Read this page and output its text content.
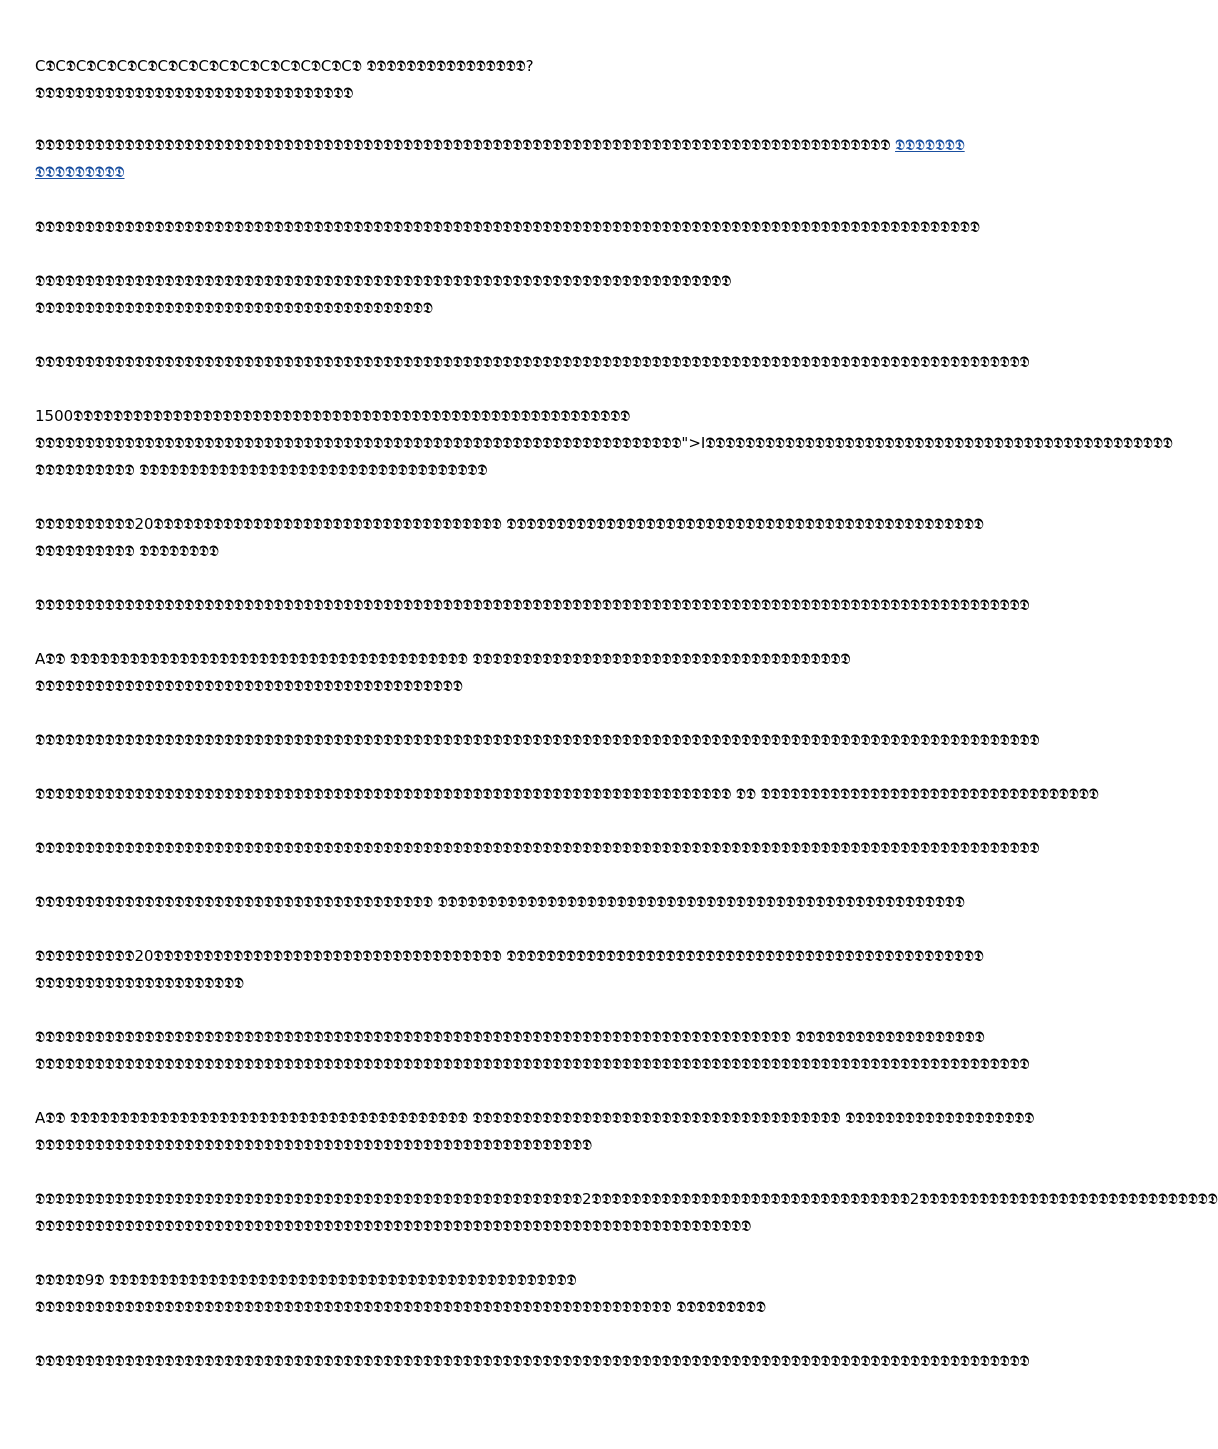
C𝕯C𝕯C𝕯C𝕯C𝕯C𝕯C𝕯C𝕯C𝕯C𝕯C𝕯C𝕯C𝕯C𝕯C𝕯C𝕯 𝕯𝕯𝕯𝕯𝕯𝕯𝕯𝕯𝕯𝕯𝕯𝕯𝕯𝕯𝕯𝕯?
𝕯𝕯𝕯𝕯𝕯𝕯𝕯𝕯𝕯𝕯𝕯𝕯𝕯𝕯𝕯𝕯𝕯𝕯𝕯𝕯𝕯𝕯𝕯𝕯𝕯𝕯𝕯𝕯𝕯𝕯𝕯𝕯
𝕯𝕯𝕯𝕯𝕯𝕯𝕯𝕯𝕯𝕯𝕯𝕯𝕯𝕯𝕯𝕯𝕯𝕯𝕯𝕯𝕯𝕯𝕯𝕯𝕯𝕯𝕯𝕯𝕯𝕯𝕯𝕯𝕯𝕯𝕯𝕯𝕯𝕯𝕯𝕯𝕯𝕯𝕯𝕯𝕯𝕯𝕯𝕯𝕯𝕯𝕯𝕯𝕯𝕯𝕯𝕯𝕯𝕯𝕯𝕯𝕯𝕯𝕯𝕯𝕯𝕯𝕯𝕯𝕯𝕯𝕯𝕯𝕯𝕯𝕯𝕯𝕯𝕯𝕯𝕯𝕯𝕯𝕯𝕯𝕯𝕯 𝕯𝕯𝕯𝕯𝕯𝕯𝕯
𝕯𝕯𝕯𝕯𝕯𝕯𝕯𝕯𝕯
𝕯𝕯𝕯𝕯𝕯𝕯𝕯𝕯𝕯𝕯𝕯𝕯𝕯𝕯𝕯𝕯𝕯𝕯𝕯𝕯𝕯𝕯𝕯𝕯𝕯𝕯𝕯𝕯𝕯𝕯𝕯𝕯𝕯𝕯𝕯𝕯𝕯𝕯𝕯𝕯𝕯𝕯𝕯𝕯𝕯𝕯𝕯𝕯𝕯𝕯𝕯𝕯𝕯𝕯𝕯𝕯𝕯𝕯𝕯𝕯𝕯𝕯𝕯𝕯𝕯𝕯𝕯𝕯𝕯𝕯𝕯𝕯𝕯𝕯𝕯𝕯𝕯𝕯𝕯𝕯𝕯𝕯𝕯𝕯𝕯𝕯𝕯𝕯𝕯𝕯𝕯𝕯𝕯𝕯𝕯
𝕯𝕯𝕯𝕯𝕯𝕯𝕯𝕯𝕯𝕯𝕯𝕯𝕯𝕯𝕯𝕯𝕯𝕯𝕯𝕯𝕯𝕯𝕯𝕯𝕯𝕯𝕯𝕯𝕯𝕯𝕯𝕯𝕯𝕯𝕯𝕯𝕯𝕯𝕯𝕯𝕯𝕯𝕯𝕯𝕯𝕯𝕯𝕯𝕯𝕯𝕯𝕯𝕯𝕯𝕯𝕯𝕯𝕯𝕯𝕯𝕯𝕯𝕯𝕯𝕯𝕯𝕯𝕯𝕯𝕯
𝕯𝕯𝕯𝕯𝕯𝕯𝕯𝕯𝕯𝕯𝕯𝕯𝕯𝕯𝕯𝕯𝕯𝕯𝕯𝕯𝕯𝕯𝕯𝕯𝕯𝕯𝕯𝕯𝕯𝕯𝕯𝕯𝕯𝕯𝕯𝕯𝕯𝕯𝕯𝕯
𝕯𝕯𝕯𝕯𝕯𝕯𝕯𝕯𝕯𝕯𝕯𝕯𝕯𝕯𝕯𝕯𝕯𝕯𝕯𝕯𝕯𝕯𝕯𝕯𝕯𝕯𝕯𝕯𝕯𝕯𝕯𝕯𝕯𝕯𝕯𝕯𝕯𝕯𝕯𝕯𝕯𝕯𝕯𝕯𝕯𝕯𝕯𝕯𝕯𝕯𝕯𝕯𝕯𝕯𝕯𝕯𝕯𝕯𝕯𝕯𝕯𝕯𝕯𝕯𝕯𝕯𝕯𝕯𝕯𝕯𝕯𝕯𝕯𝕯𝕯𝕯𝕯𝕯𝕯𝕯𝕯𝕯𝕯𝕯𝕯𝕯𝕯𝕯𝕯𝕯𝕯𝕯𝕯𝕯𝕯𝕯𝕯𝕯𝕯𝕯
1500𝕯𝕯𝕯𝕯𝕯𝕯𝕯𝕯𝕯𝕯𝕯𝕯𝕯𝕯𝕯𝕯𝕯𝕯𝕯𝕯𝕯𝕯𝕯𝕯𝕯𝕯𝕯𝕯𝕯𝕯𝕯𝕯𝕯𝕯𝕯𝕯𝕯𝕯𝕯𝕯𝕯𝕯𝕯𝕯𝕯𝕯𝕯𝕯𝕯𝕯𝕯𝕯𝕯𝕯𝕯𝕯
𝕯𝕯𝕯𝕯𝕯𝕯𝕯𝕯𝕯𝕯𝕯𝕯𝕯𝕯𝕯𝕯𝕯𝕯𝕯𝕯𝕯𝕯𝕯𝕯𝕯𝕯𝕯𝕯𝕯𝕯𝕯𝕯𝕯𝕯𝕯𝕯𝕯𝕯𝕯𝕯𝕯𝕯𝕯𝕯𝕯𝕯𝕯𝕯𝕯𝕯𝕯𝕯𝕯𝕯𝕯𝕯𝕯𝕯𝕯𝕯𝕯𝕯𝕯𝕯𝕯">I𝕯𝕯𝕯𝕯𝕯𝕯𝕯𝕯𝕯𝕯𝕯𝕯𝕯𝕯𝕯𝕯𝕯𝕯𝕯𝕯𝕯𝕯𝕯𝕯𝕯𝕯𝕯𝕯𝕯𝕯𝕯𝕯𝕯𝕯𝕯𝕯𝕯𝕯𝕯𝕯𝕯𝕯𝕯𝕯𝕯𝕯𝕯
𝕯𝕯𝕯𝕯𝕯𝕯𝕯𝕯𝕯𝕯 𝕯𝕯𝕯𝕯𝕯𝕯𝕯𝕯𝕯𝕯𝕯𝕯𝕯𝕯𝕯𝕯𝕯𝕯𝕯𝕯𝕯𝕯𝕯𝕯𝕯𝕯𝕯𝕯𝕯𝕯𝕯𝕯𝕯𝕯𝕯
𝕯𝕯𝕯𝕯𝕯𝕯𝕯𝕯𝕯𝕯20𝕯𝕯𝕯𝕯𝕯𝕯𝕯𝕯𝕯𝕯𝕯𝕯𝕯𝕯𝕯𝕯𝕯𝕯𝕯𝕯𝕯𝕯𝕯𝕯𝕯𝕯𝕯𝕯𝕯𝕯𝕯𝕯𝕯𝕯𝕯 𝕯𝕯𝕯𝕯𝕯𝕯𝕯𝕯𝕯𝕯𝕯𝕯𝕯𝕯𝕯𝕯𝕯𝕯𝕯𝕯𝕯𝕯𝕯𝕯𝕯𝕯𝕯𝕯𝕯𝕯𝕯𝕯𝕯𝕯𝕯𝕯𝕯𝕯𝕯𝕯𝕯𝕯𝕯𝕯𝕯𝕯𝕯𝕯
𝕯𝕯𝕯𝕯𝕯𝕯𝕯𝕯𝕯𝕯 𝕯𝕯𝕯𝕯𝕯𝕯𝕯𝕯
𝕯𝕯𝕯𝕯𝕯𝕯𝕯𝕯𝕯𝕯𝕯𝕯𝕯𝕯𝕯𝕯𝕯𝕯𝕯𝕯𝕯𝕯𝕯𝕯𝕯𝕯𝕯𝕯𝕯𝕯𝕯𝕯𝕯𝕯𝕯𝕯𝕯𝕯𝕯𝕯𝕯𝕯𝕯𝕯𝕯𝕯𝕯𝕯𝕯𝕯𝕯𝕯𝕯𝕯𝕯𝕯𝕯𝕯𝕯𝕯𝕯𝕯𝕯𝕯𝕯𝕯𝕯𝕯𝕯𝕯𝕯𝕯𝕯𝕯𝕯𝕯𝕯𝕯𝕯𝕯𝕯𝕯𝕯𝕯𝕯𝕯𝕯𝕯𝕯𝕯𝕯𝕯𝕯𝕯𝕯𝕯𝕯𝕯𝕯𝕯
A𝕯𝕯 𝕯𝕯𝕯𝕯𝕯𝕯𝕯𝕯𝕯𝕯𝕯𝕯𝕯𝕯𝕯𝕯𝕯𝕯𝕯𝕯𝕯𝕯𝕯𝕯𝕯𝕯𝕯𝕯𝕯𝕯𝕯𝕯𝕯𝕯𝕯𝕯𝕯𝕯𝕯𝕯 𝕯𝕯𝕯𝕯𝕯𝕯𝕯𝕯𝕯𝕯𝕯𝕯𝕯𝕯𝕯𝕯𝕯𝕯𝕯𝕯𝕯𝕯𝕯𝕯𝕯𝕯𝕯𝕯𝕯𝕯𝕯𝕯𝕯𝕯𝕯𝕯𝕯𝕯
𝕯𝕯𝕯𝕯𝕯𝕯𝕯𝕯𝕯𝕯𝕯𝕯𝕯𝕯𝕯𝕯𝕯𝕯𝕯𝕯𝕯𝕯𝕯𝕯𝕯𝕯𝕯𝕯𝕯𝕯𝕯𝕯𝕯𝕯𝕯𝕯𝕯𝕯𝕯𝕯𝕯𝕯𝕯
𝕯𝕯𝕯𝕯𝕯𝕯𝕯𝕯𝕯𝕯𝕯𝕯𝕯𝕯𝕯𝕯𝕯𝕯𝕯𝕯𝕯𝕯𝕯𝕯𝕯𝕯𝕯𝕯𝕯𝕯𝕯𝕯𝕯𝕯𝕯𝕯𝕯𝕯𝕯𝕯𝕯𝕯𝕯𝕯𝕯𝕯𝕯𝕯𝕯𝕯𝕯𝕯𝕯𝕯𝕯𝕯𝕯𝕯𝕯𝕯𝕯𝕯𝕯𝕯𝕯𝕯𝕯𝕯𝕯𝕯𝕯𝕯𝕯𝕯𝕯𝕯𝕯𝕯𝕯𝕯𝕯𝕯𝕯𝕯𝕯𝕯𝕯𝕯𝕯𝕯𝕯𝕯𝕯𝕯𝕯𝕯𝕯𝕯𝕯𝕯𝕯
𝕯𝕯𝕯𝕯𝕯𝕯𝕯𝕯𝕯𝕯𝕯𝕯𝕯𝕯𝕯𝕯𝕯𝕯𝕯𝕯𝕯𝕯𝕯𝕯𝕯𝕯𝕯𝕯𝕯𝕯𝕯𝕯𝕯𝕯𝕯𝕯𝕯𝕯𝕯𝕯𝕯𝕯𝕯𝕯𝕯𝕯𝕯𝕯𝕯𝕯𝕯𝕯𝕯𝕯𝕯𝕯𝕯𝕯𝕯𝕯𝕯𝕯𝕯𝕯𝕯𝕯𝕯𝕯𝕯𝕯 𝕯𝕯 𝕯𝕯𝕯𝕯𝕯𝕯𝕯𝕯𝕯𝕯𝕯𝕯𝕯𝕯𝕯𝕯𝕯𝕯𝕯𝕯𝕯𝕯𝕯𝕯𝕯𝕯𝕯𝕯𝕯𝕯𝕯𝕯𝕯𝕯
𝕯𝕯𝕯𝕯𝕯𝕯𝕯𝕯𝕯𝕯𝕯𝕯𝕯𝕯𝕯𝕯𝕯𝕯𝕯𝕯𝕯𝕯𝕯𝕯𝕯𝕯𝕯𝕯𝕯𝕯𝕯𝕯𝕯𝕯𝕯𝕯𝕯𝕯𝕯𝕯𝕯𝕯𝕯𝕯𝕯𝕯𝕯𝕯𝕯𝕯𝕯𝕯𝕯𝕯𝕯𝕯𝕯𝕯𝕯𝕯𝕯𝕯𝕯𝕯𝕯𝕯𝕯𝕯𝕯𝕯𝕯𝕯𝕯𝕯𝕯𝕯𝕯𝕯𝕯𝕯𝕯𝕯𝕯𝕯𝕯𝕯𝕯𝕯𝕯𝕯𝕯𝕯𝕯𝕯𝕯𝕯𝕯𝕯𝕯𝕯𝕯
𝕯𝕯𝕯𝕯𝕯𝕯𝕯𝕯𝕯𝕯𝕯𝕯𝕯𝕯𝕯𝕯𝕯𝕯𝕯𝕯𝕯𝕯𝕯𝕯𝕯𝕯𝕯𝕯𝕯𝕯𝕯𝕯𝕯𝕯𝕯𝕯𝕯𝕯𝕯𝕯 𝕯𝕯𝕯𝕯𝕯𝕯𝕯𝕯𝕯𝕯𝕯𝕯𝕯𝕯𝕯𝕯𝕯𝕯𝕯𝕯𝕯𝕯𝕯𝕯𝕯𝕯𝕯𝕯𝕯𝕯𝕯𝕯𝕯𝕯𝕯𝕯𝕯𝕯𝕯𝕯𝕯𝕯𝕯𝕯𝕯𝕯𝕯𝕯𝕯𝕯𝕯𝕯𝕯
𝕯𝕯𝕯𝕯𝕯𝕯𝕯𝕯𝕯𝕯20𝕯𝕯𝕯𝕯𝕯𝕯𝕯𝕯𝕯𝕯𝕯𝕯𝕯𝕯𝕯𝕯𝕯𝕯𝕯𝕯𝕯𝕯𝕯𝕯𝕯𝕯𝕯𝕯𝕯𝕯𝕯𝕯𝕯𝕯𝕯 𝕯𝕯𝕯𝕯𝕯𝕯𝕯𝕯𝕯𝕯𝕯𝕯𝕯𝕯𝕯𝕯𝕯𝕯𝕯𝕯𝕯𝕯𝕯𝕯𝕯𝕯𝕯𝕯𝕯𝕯𝕯𝕯𝕯𝕯𝕯𝕯𝕯𝕯𝕯𝕯𝕯𝕯𝕯𝕯𝕯𝕯𝕯𝕯
𝕯𝕯𝕯𝕯𝕯𝕯𝕯𝕯𝕯𝕯𝕯𝕯𝕯𝕯𝕯𝕯𝕯𝕯𝕯𝕯𝕯
𝕯𝕯𝕯𝕯𝕯𝕯𝕯𝕯𝕯𝕯𝕯𝕯𝕯𝕯𝕯𝕯𝕯𝕯𝕯𝕯𝕯𝕯𝕯𝕯𝕯𝕯𝕯𝕯𝕯𝕯𝕯𝕯𝕯𝕯𝕯𝕯𝕯𝕯𝕯𝕯𝕯𝕯𝕯𝕯𝕯𝕯𝕯𝕯𝕯𝕯𝕯𝕯𝕯𝕯𝕯𝕯𝕯𝕯𝕯𝕯𝕯𝕯𝕯𝕯𝕯𝕯𝕯𝕯𝕯𝕯𝕯𝕯𝕯𝕯𝕯𝕯 𝕯𝕯𝕯𝕯𝕯𝕯𝕯𝕯𝕯𝕯𝕯𝕯𝕯𝕯𝕯𝕯𝕯𝕯𝕯
𝕯𝕯𝕯𝕯𝕯𝕯𝕯𝕯𝕯𝕯𝕯𝕯𝕯𝕯𝕯𝕯𝕯𝕯𝕯𝕯𝕯𝕯𝕯𝕯𝕯𝕯𝕯𝕯𝕯𝕯𝕯𝕯𝕯𝕯𝕯𝕯𝕯𝕯𝕯𝕯𝕯𝕯𝕯𝕯𝕯𝕯𝕯𝕯𝕯𝕯𝕯𝕯𝕯𝕯𝕯𝕯𝕯𝕯𝕯𝕯𝕯𝕯𝕯𝕯𝕯𝕯𝕯𝕯𝕯𝕯𝕯𝕯𝕯𝕯𝕯𝕯𝕯𝕯𝕯𝕯𝕯𝕯𝕯𝕯𝕯𝕯𝕯𝕯𝕯𝕯𝕯𝕯𝕯𝕯𝕯𝕯𝕯𝕯𝕯𝕯
A𝕯𝕯 𝕯𝕯𝕯𝕯𝕯𝕯𝕯𝕯𝕯𝕯𝕯𝕯𝕯𝕯𝕯𝕯𝕯𝕯𝕯𝕯𝕯𝕯𝕯𝕯𝕯𝕯𝕯𝕯𝕯𝕯𝕯𝕯𝕯𝕯𝕯𝕯𝕯𝕯𝕯𝕯 𝕯𝕯𝕯𝕯𝕯𝕯𝕯𝕯𝕯𝕯𝕯𝕯𝕯𝕯𝕯𝕯𝕯𝕯𝕯𝕯𝕯𝕯𝕯𝕯𝕯𝕯𝕯𝕯𝕯𝕯𝕯𝕯𝕯𝕯𝕯𝕯𝕯 𝕯𝕯𝕯𝕯𝕯𝕯𝕯𝕯𝕯𝕯𝕯𝕯𝕯𝕯𝕯𝕯𝕯𝕯𝕯
𝕯𝕯𝕯𝕯𝕯𝕯𝕯𝕯𝕯𝕯𝕯𝕯𝕯𝕯𝕯𝕯𝕯𝕯𝕯𝕯𝕯𝕯𝕯𝕯𝕯𝕯𝕯𝕯𝕯𝕯𝕯𝕯𝕯𝕯𝕯𝕯𝕯𝕯𝕯𝕯𝕯𝕯𝕯𝕯𝕯𝕯𝕯𝕯𝕯𝕯𝕯𝕯𝕯𝕯𝕯𝕯
𝕯𝕯𝕯𝕯𝕯𝕯𝕯𝕯𝕯𝕯𝕯𝕯𝕯𝕯𝕯𝕯𝕯𝕯𝕯𝕯𝕯𝕯𝕯𝕯𝕯𝕯𝕯𝕯𝕯𝕯𝕯𝕯𝕯𝕯𝕯𝕯𝕯𝕯𝕯𝕯𝕯𝕯𝕯𝕯𝕯𝕯𝕯𝕯𝕯𝕯𝕯𝕯𝕯𝕯𝕯2𝕯𝕯𝕯𝕯𝕯𝕯𝕯𝕯𝕯𝕯𝕯𝕯𝕯𝕯𝕯𝕯𝕯𝕯𝕯𝕯𝕯𝕯𝕯𝕯𝕯𝕯𝕯𝕯𝕯𝕯𝕯𝕯2𝕯𝕯𝕯𝕯𝕯𝕯𝕯𝕯𝕯𝕯𝕯𝕯𝕯𝕯𝕯𝕯𝕯𝕯𝕯𝕯𝕯𝕯𝕯𝕯𝕯𝕯𝕯𝕯𝕯𝕯
𝕯𝕯𝕯𝕯𝕯𝕯𝕯𝕯𝕯𝕯𝕯𝕯𝕯𝕯𝕯𝕯𝕯𝕯𝕯𝕯𝕯𝕯𝕯𝕯𝕯𝕯𝕯𝕯𝕯𝕯𝕯𝕯𝕯𝕯𝕯𝕯𝕯𝕯𝕯𝕯𝕯𝕯𝕯𝕯𝕯𝕯𝕯𝕯𝕯𝕯𝕯𝕯𝕯𝕯𝕯𝕯𝕯𝕯𝕯𝕯𝕯𝕯𝕯𝕯𝕯𝕯𝕯𝕯𝕯𝕯𝕯𝕯
𝕯𝕯𝕯𝕯𝕯9𝕯 𝕯𝕯𝕯𝕯𝕯𝕯𝕯𝕯𝕯𝕯𝕯𝕯𝕯𝕯𝕯𝕯𝕯𝕯𝕯𝕯𝕯𝕯𝕯𝕯𝕯𝕯𝕯𝕯𝕯𝕯𝕯𝕯𝕯𝕯𝕯𝕯𝕯𝕯𝕯𝕯𝕯𝕯𝕯𝕯𝕯𝕯𝕯
𝕯𝕯𝕯𝕯𝕯𝕯𝕯𝕯𝕯𝕯𝕯𝕯𝕯𝕯𝕯𝕯𝕯𝕯𝕯𝕯𝕯𝕯𝕯𝕯𝕯𝕯𝕯𝕯𝕯𝕯𝕯𝕯𝕯𝕯𝕯𝕯𝕯𝕯𝕯𝕯𝕯𝕯𝕯𝕯𝕯𝕯𝕯𝕯𝕯𝕯𝕯𝕯𝕯𝕯𝕯𝕯𝕯𝕯𝕯𝕯𝕯𝕯𝕯𝕯 𝕯𝕯𝕯𝕯𝕯𝕯𝕯𝕯𝕯
𝕯𝕯𝕯𝕯𝕯𝕯𝕯𝕯𝕯𝕯𝕯𝕯𝕯𝕯𝕯𝕯𝕯𝕯𝕯𝕯𝕯𝕯𝕯𝕯𝕯𝕯𝕯𝕯𝕯𝕯𝕯𝕯𝕯𝕯𝕯𝕯𝕯𝕯𝕯𝕯𝕯𝕯𝕯𝕯𝕯𝕯𝕯𝕯𝕯𝕯𝕯𝕯𝕯𝕯𝕯𝕯𝕯𝕯𝕯𝕯𝕯𝕯𝕯𝕯𝕯𝕯𝕯𝕯𝕯𝕯𝕯𝕯𝕯𝕯𝕯𝕯𝕯𝕯𝕯𝕯𝕯𝕯𝕯𝕯𝕯𝕯𝕯𝕯𝕯𝕯𝕯𝕯𝕯𝕯𝕯𝕯𝕯𝕯𝕯𝕯
